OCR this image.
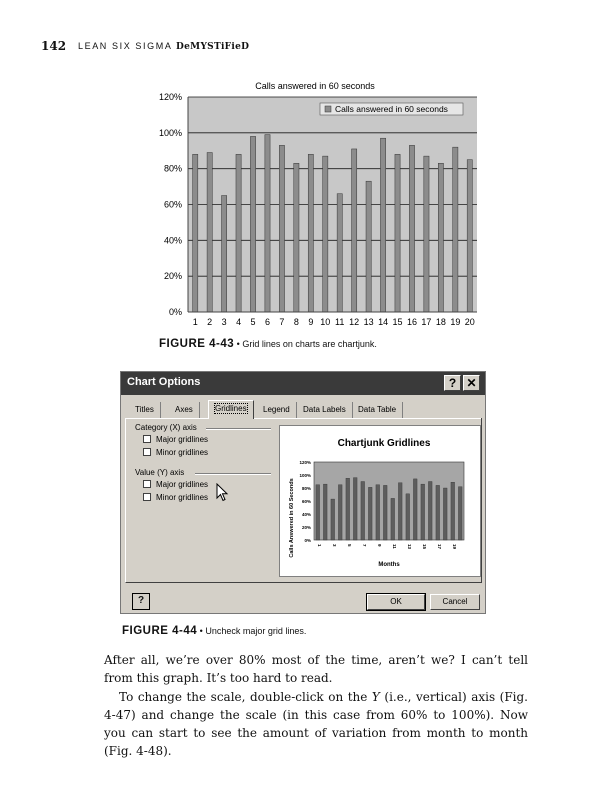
142 LEAN SIX SIGMA DeMYSTiFieD
Calls answered in 60 seconds
0%
20%
40%
60%
80%
100%
120%
1 2 3 4 5 6 7 8 9 10 11 12 13 14 15 16 17 18 19 20
Calls answered in 60 seconds
FIGURE 4-43 • Grid lines on charts are chartjunk.
Chart Options	? ✕
Titles	Axes	Gridlines	Legend	Data Labels	Data Table
Category (X) axis
Major gridlines
Minor gridlines
Value (Y) axis
Major gridlines
Minor gridlines
Chartjunk Gridlines
Calls Answered in 60 Seconds 0%
20%
40%
60%
80%
100%
120%
1 3 5 7 9 11 13 15 17 19
Months
?	OK	Cancel
FIGURE 4-44 • Uncheck major grid lines.

After all, we’re over 80% most of the time, aren’t we? I can’t tell from this graph. It’s too hard to read.

To change the scale, double-click on the Y (i.e., vertical) axis (Fig. 4-47) and change the scale (in this case from 60% to 100%). Now you can start to see the amount of variation from month to month (Fig. 4-48).
